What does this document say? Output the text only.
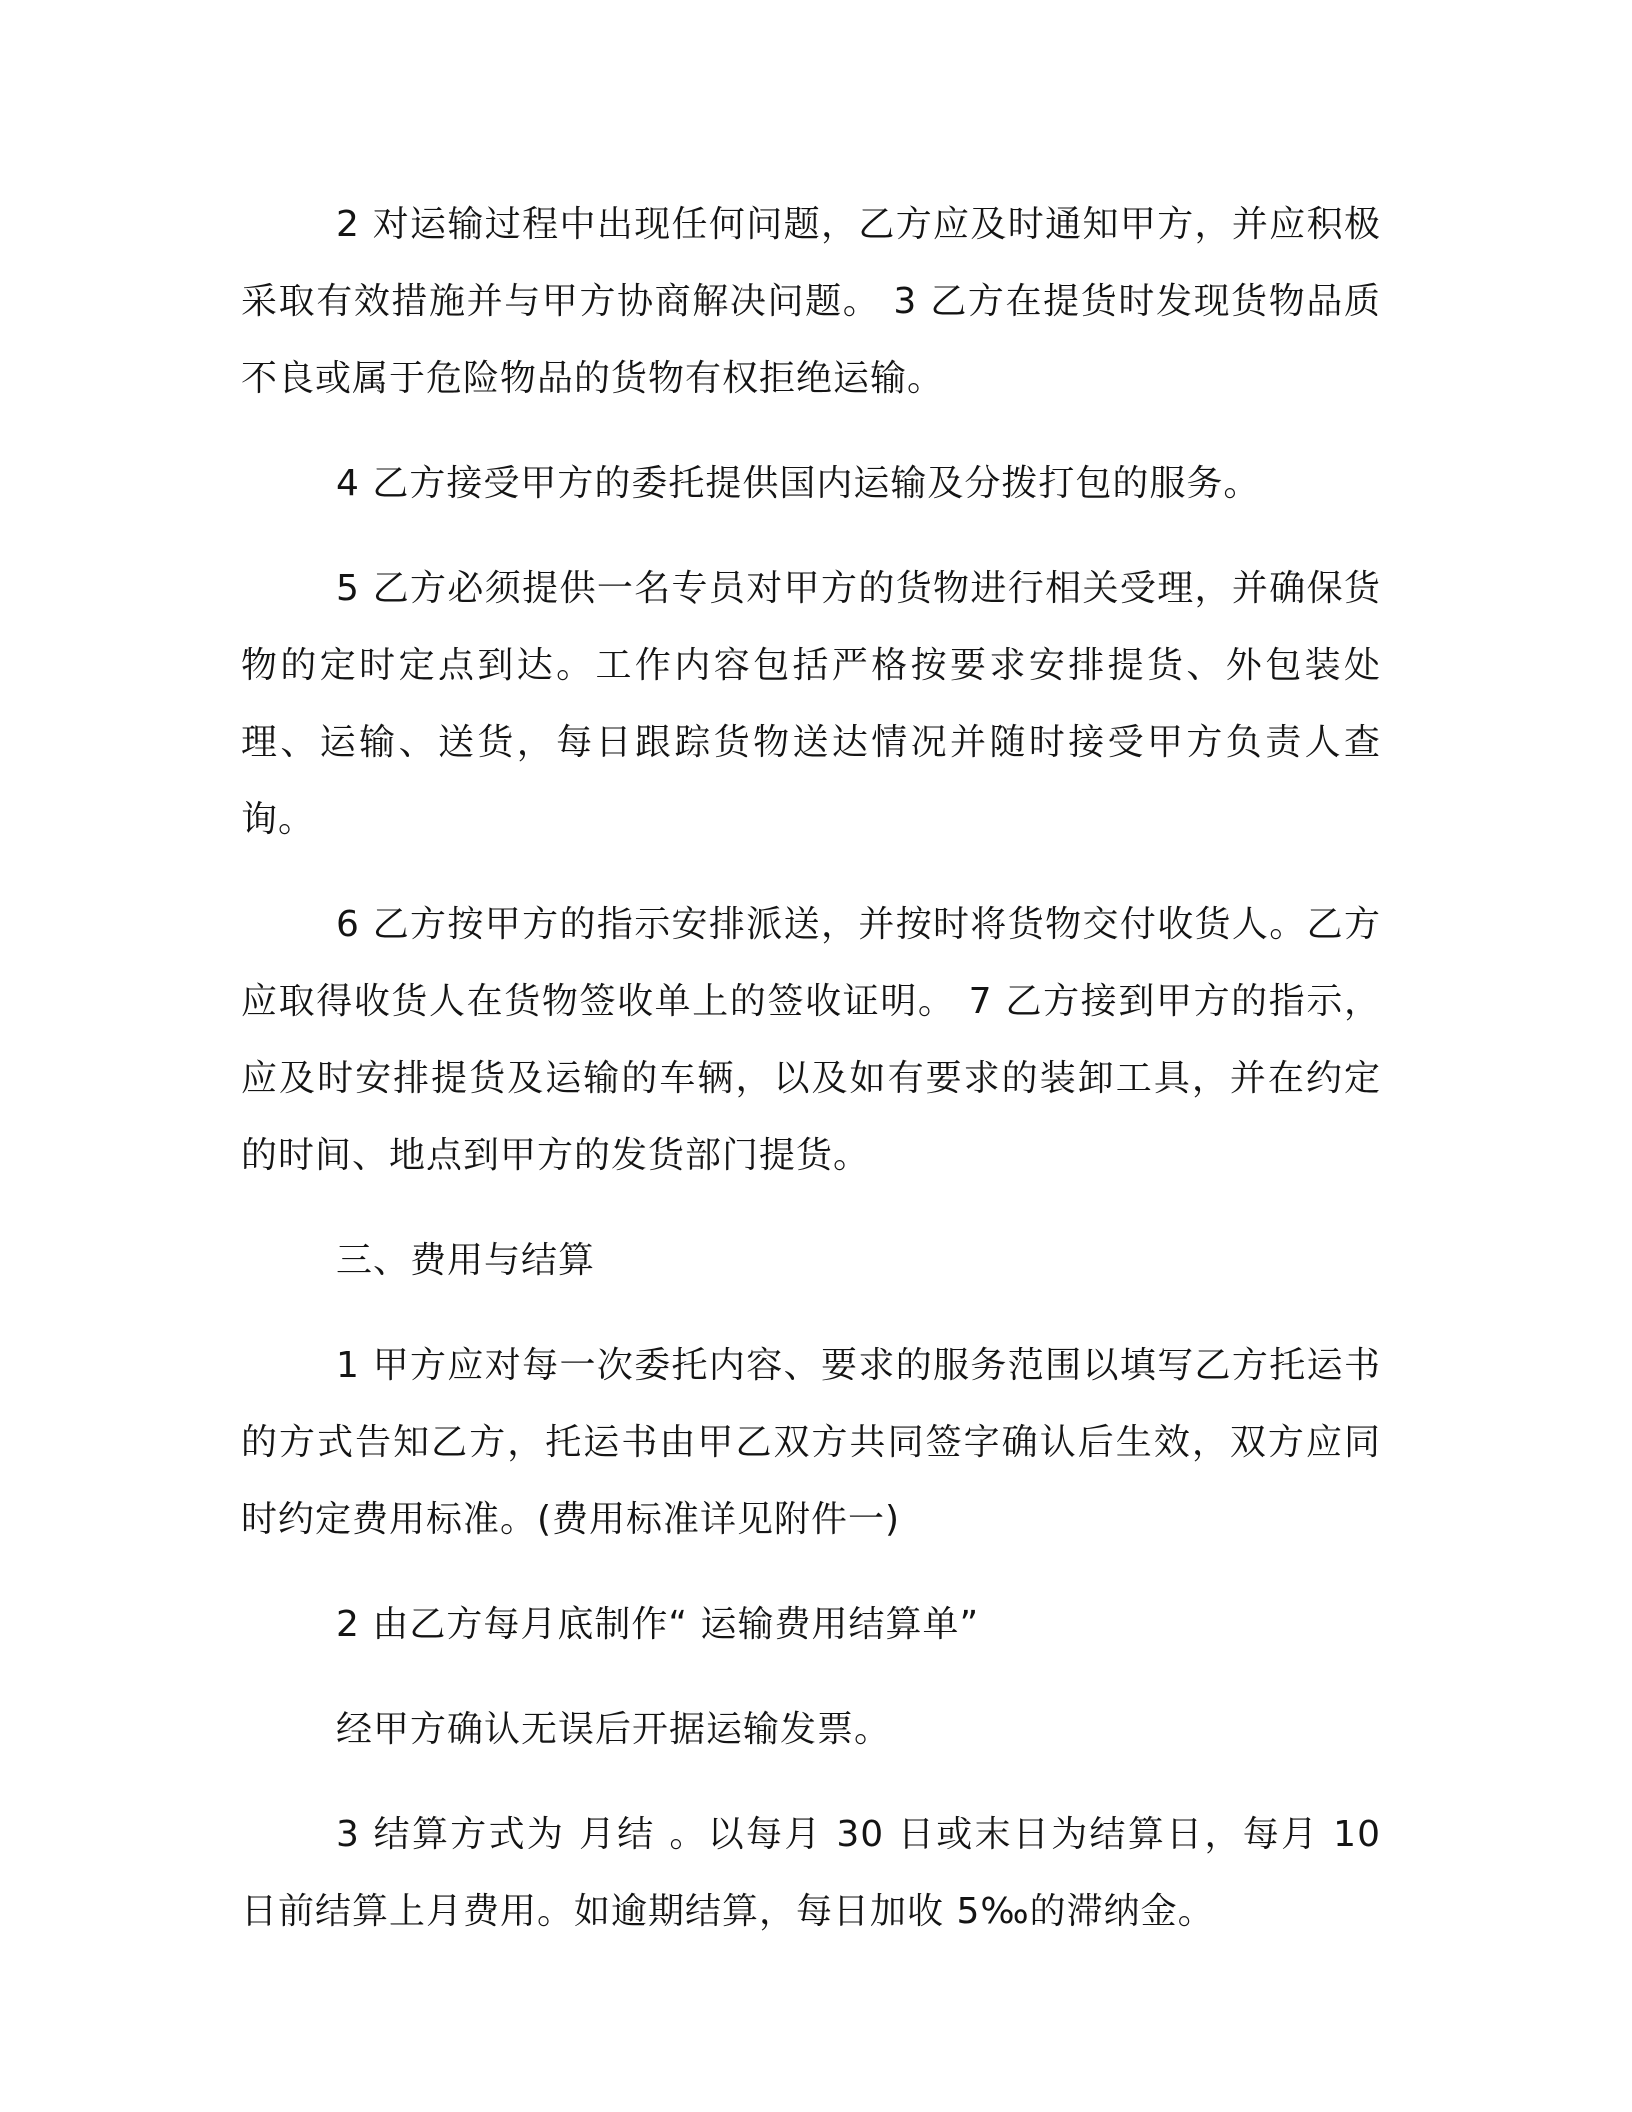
2 对运输过程中出现任何问题，乙方应及时通知甲方，并应积极采取有效措施并与甲方协商解决问题。 3 乙方在提货时发现货物品质不良或属于危险物品的货物有权拒绝运输。

4 乙方接受甲方的委托提供国内运输及分拨打包的服务。

5 乙方必须提供一名专员对甲方的货物进行相关受理，并确保货物的定时定点到达。工作内容包括严格按要求安排提货、外包装处理、运输、送货，每日跟踪货物送达情况并随时接受甲方负责人查询。

6 乙方按甲方的指示安排派送，并按时将货物交付收货人。乙方应取得收货人在货物签收单上的签收证明。 7 乙方接到甲方的指示，应及时安排提货及运输的车辆，以及如有要求的装卸工具，并在约定的时间、地点到甲方的发货部门提货。

三、费用与结算

1 甲方应对每一次委托内容、要求的服务范围以填写乙方托运书的方式告知乙方，托运书由甲乙双方共同签字确认后生效，双方应同时约定费用标准。(费用标准详见附件一)

2 由乙方每月底制作“ 运输费用结算单”

经甲方确认无误后开据运输发票。

3 结算方式为 月结 。以每月 30 日或末日为结算日，每月 10 日前结算上月费用。如逾期结算，每日加收 5‰的滞纳金。
